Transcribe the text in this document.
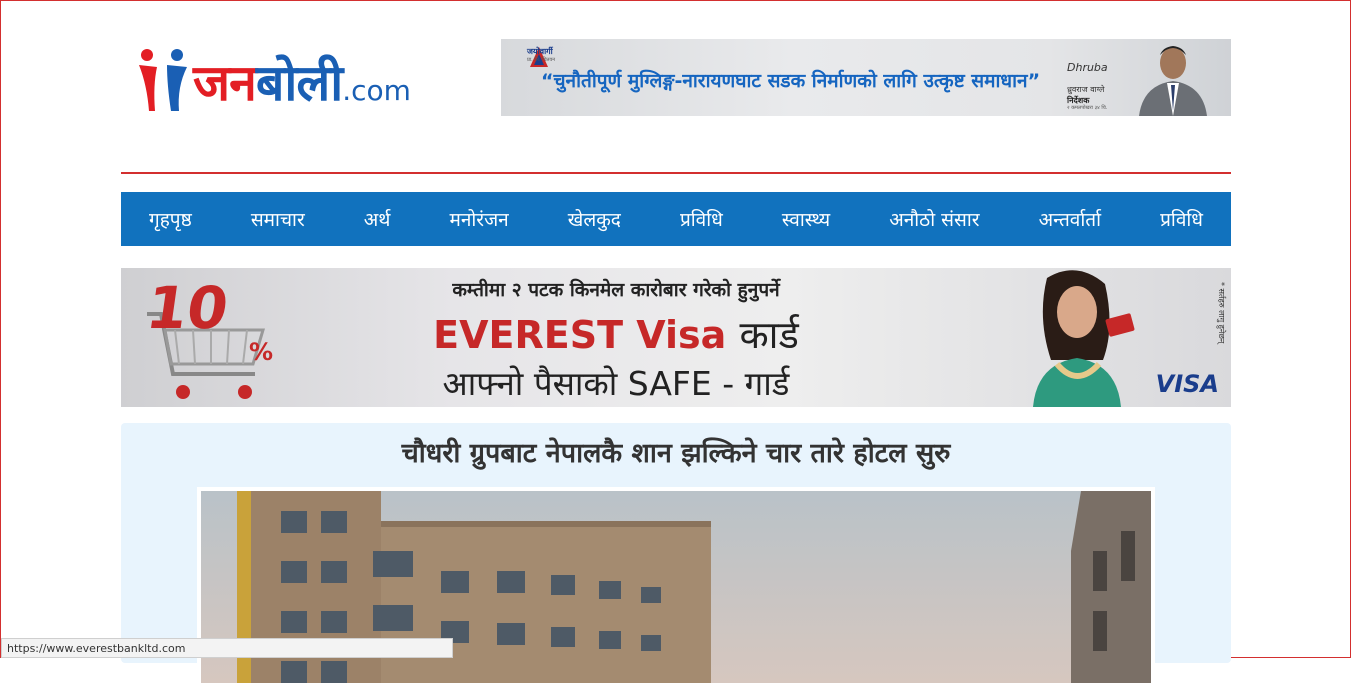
जनबोली .com
जयोवार्गी
प्रा. लि. चितवन
“चुनौतीपूर्ण मुग्लिङ्ग-नारायणघाट सडक निर्माणको लागि उत्कृष्ट समाधान”
Dhruba
ध्रुवराज वाग्ले
निर्देशक
२ कमलपोखरा ३४ चि.
गृहपृष्ठ	समाचार	अर्थ	मनोरंजन	खेलकुद	प्रविधि	स्वास्थ्य	अनौठो संसार	अन्तर्वार्ता	प्रविधि
10
%
कम्तीमा २ पटक किनमेल कारोबार गरेको हुनुपर्ने
EVEREST Visa कार्ड
आफ्नो पैसाको SAFE - गार्ड
* सर्तहरु लागु हुनेछन्
VISA
चौधरी ग्रुपबाट नेपालकै शान झल्किने चार तारे होटल सुरु
https://www.everestbankltd.com
